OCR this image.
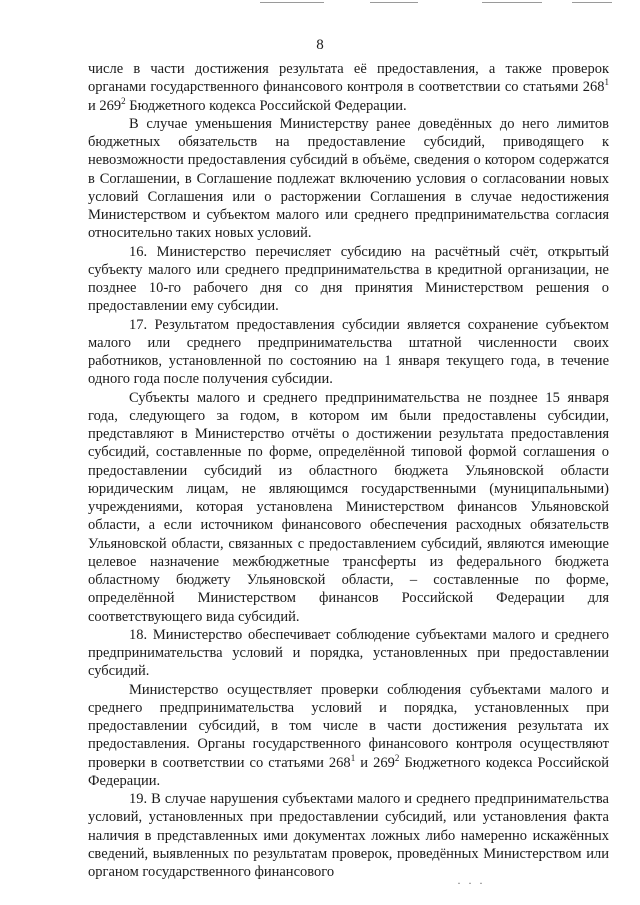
8

числе в части достижения результата её предоставления, а также проверок органами государственного финансового контроля в соответствии со статьями $268^1$ и $269^2$ Бюджетного кодекса Российской Федерации.

В случае уменьшения Министерству ранее доведённых до него лимитов бюджетных обязательств на предоставление субсидий, приводящего к невозможности предоставления субсидий в объёме, сведения о котором содержатся в Соглашении, в Соглашение подлежат включению условия о согласовании новых условий Соглашения или о расторжении Соглашения в случае недостижения Министерством и субъектом малого или среднего предпринимательства согласия относительно таких новых условий.

16. Министерство перечисляет субсидию на расчётный счёт, открытый субъекту малого или среднего предпринимательства в кредитной организации, не позднее 10-го рабочего дня со дня принятия Министерством решения о предоставлении ему субсидии.

17. Результатом предоставления субсидии является сохранение субъектом малого или среднего предпринимательства штатной численности своих работников, установленной по состоянию на 1 января текущего года, в течение одного года после получения субсидии.

Субъекты малого и среднего предпринимательства не позднее 15 января года, следующего за годом, в котором им были предоставлены субсидии, представляют в Министерство отчёты о достижении результата предоставления субсидий, составленные по форме, определённой типовой формой соглашения о предоставлении субсидий из областного бюджета Ульяновской области юридическим лицам, не являющимся государственными (муниципальными) учреждениями, которая установлена Министерством финансов Ульяновской области, а если источником финансового обеспечения расходных обязательств Ульяновской области, связанных с предоставлением субсидий, являются имеющие целевое назначение межбюджетные трансферты из федерального бюджета областному бюджету Ульяновской области, – составленные по форме, определённой Министерством финансов Российской Федерации для соответствующего вида субсидий.

18. Министерство обеспечивает соблюдение субъектами малого и среднего предпринимательства условий и порядка, установленных при предоставлении субсидий.

Министерство осуществляет проверки соблюдения субъектами малого и среднего предпринимательства условий и порядка, установленных при предоставлении субсидий, в том числе в части достижения результата их предоставления. Органы государственного финансового контроля осуществляют проверки в соответствии со статьями $268^1$ и $269^2$ Бюджетного кодекса Российской Федерации.

19. В случае нарушения субъектами малого и среднего предпринимательства условий, установленных при предоставлении субсидий, или установления факта наличия в представленных ими документах ложных либо намеренно искажённых сведений, выявленных по результатам проверок, проведённых Министерством или органом государственного финансового

· · ·
